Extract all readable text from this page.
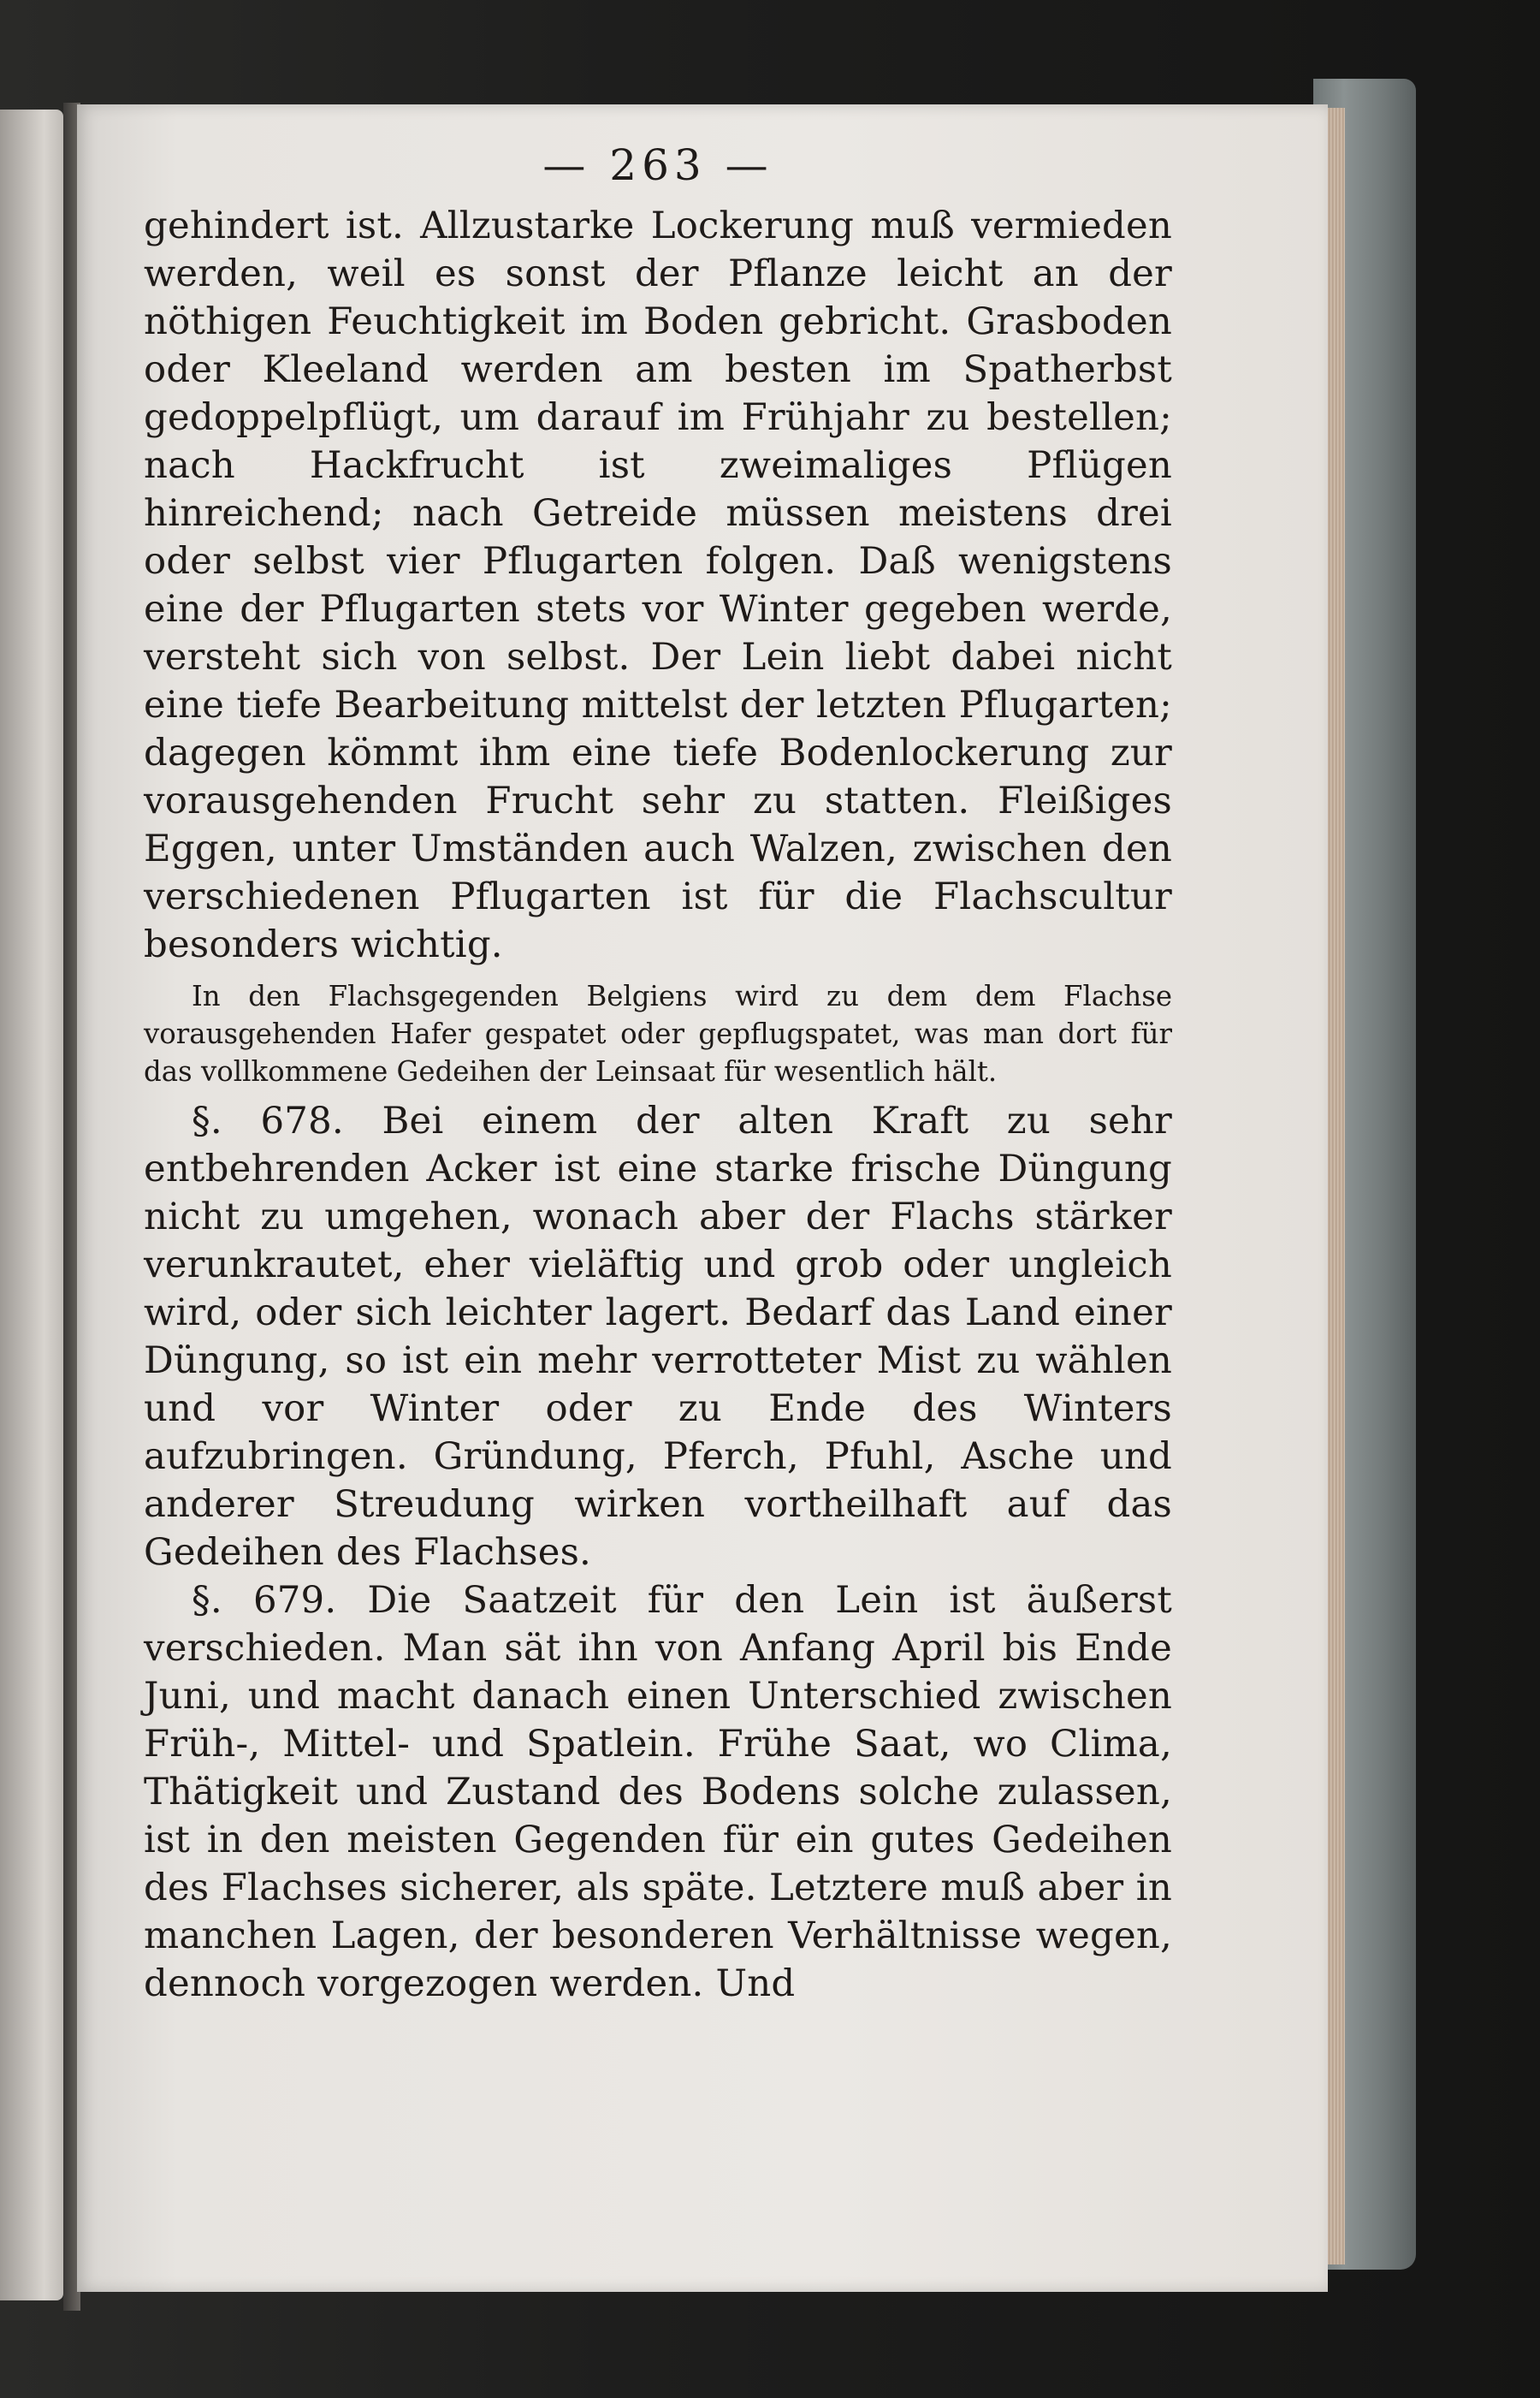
— 263 —

gehindert ist. Allzustarke Lockerung muß vermieden werden, weil es sonst der Pflanze leicht an der nöthigen Feuchtigkeit im Boden gebricht. Grasboden oder Kleeland werden am besten im Spatherbst gedoppelpflügt, um darauf im Frühjahr zu bestellen; nach Hackfrucht ist zweimaliges Pflügen hinreichend; nach Getreide müssen meistens drei oder selbst vier Pflugarten folgen. Daß wenigstens eine der Pflugarten stets vor Winter gegeben werde, versteht sich von selbst. Der Lein liebt dabei nicht eine tiefe Bearbeitung mittelst der letzten Pflugarten; dagegen kömmt ihm eine tiefe Bodenlockerung zur vorausgehenden Frucht sehr zu statten. Fleißiges Eggen, unter Umständen auch Walzen, zwischen den verschiedenen Pflugarten ist für die Flachscultur besonders wichtig.

In den Flachsgegenden Belgiens wird zu dem dem Flachse vorausgehenden Hafer gespatet oder gepflugspatet, was man dort für das vollkommene Gedeihen der Leinsaat für wesentlich hält.

§. 678. Bei einem der alten Kraft zu sehr entbehrenden Acker ist eine starke frische Düngung nicht zu umgehen, wonach aber der Flachs stärker verunkrautet, eher vieläftig und grob oder ungleich wird, oder sich leichter lagert. Bedarf das Land einer Düngung, so ist ein mehr verrotteter Mist zu wählen und vor Winter oder zu Ende des Winters aufzubringen. Gründung, Pferch, Pfuhl, Asche und anderer Streudung wirken vortheilhaft auf das Gedeihen des Flachses.

§. 679. Die Saatzeit für den Lein ist äußerst verschieden. Man sät ihn von Anfang April bis Ende Juni, und macht danach einen Unterschied zwischen Früh-, Mittel- und Spatlein. Frühe Saat, wo Clima, Thätigkeit und Zustand des Bodens solche zulassen, ist in den meisten Gegenden für ein gutes Gedeihen des Flachses sicherer, als späte. Letztere muß aber in manchen Lagen, der besonderen Verhältnisse wegen, dennoch vorgezogen werden. Und
